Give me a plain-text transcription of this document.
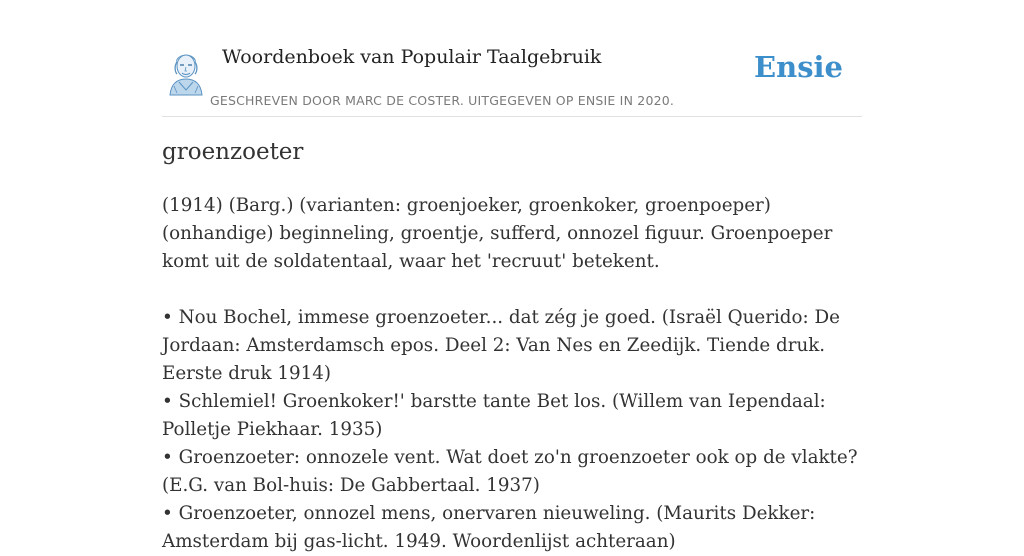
Woordenboek van Populair Taalgebruik
GESCHREVEN DOOR MARC DE COSTER. UITGEGEVEN OP ENSIE IN 2020.
Ensie
groenzoeter

(1914) (Barg.) (varianten: groenjoeker, groenkoker, groenpoeper) (onhandige) beginneling, groentje, sufferd, onnozel figuur. Groenpoeper komt uit de soldatentaal, waar het 'recruut' betekent.

• Nou Bochel, immese groenzoeter... dat zég je goed. (Israël Querido: De Jordaan: Amsterdamsch epos. Deel 2: Van Nes en Zeedijk. Tiende druk. Eerste druk 1914)

• Schlemiel! Groenkoker!' barstte tante Bet los. (Willem van Iependaal: Polletje Piekhaar. 1935)

• Groenzoeter: onnozele vent. Wat doet zo'n groenzoeter ook op de vlakte? (E.G. van Bol-huis: De Gabbertaal. 1937)

• Groenzoeter, onnozel mens, onervaren nieuweling. (Maurits Dekker: Amsterdam bij gas-licht. 1949. Woordenlijst achteraan)
